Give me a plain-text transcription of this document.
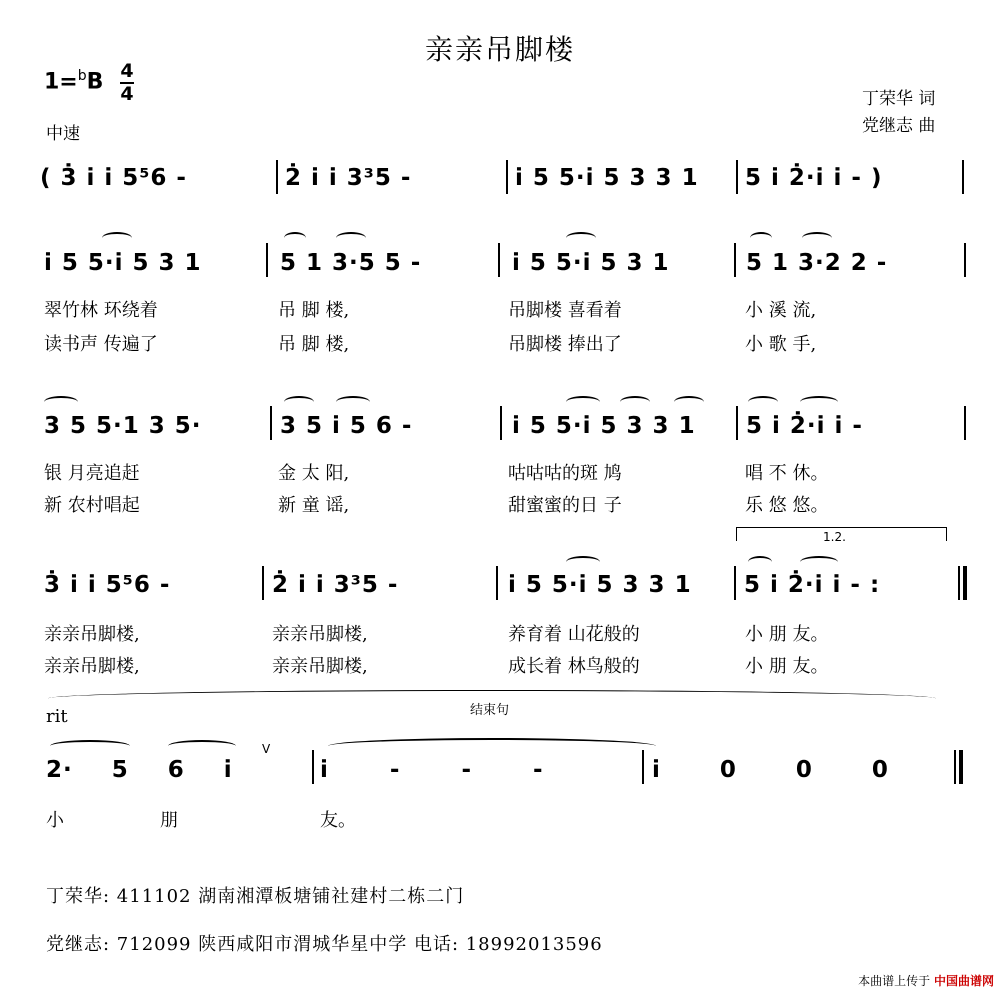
亲亲吊脚楼
1=$^b$B 4
4
中速
丁荣华 词
党继志 曲
( 3̇ i̇ i̇ 5⁵6 -	2̇ i̇ i̇ 3³5 -	i̇ 5 5·i̇ 5 3 3 1 5 i̇ 2̇·i̇ i̇ - )
i̇ 5 5·i̇ 5 3 1	5 1 3·5 5 -	i̇ 5 5·i̇ 5 3 1	5 1 3·2 2 -
翠竹林 环绕着	吊 脚 楼,	吊脚楼 喜看着	小 溪 流,
读书声 传遍了	吊 脚 楼,	吊脚楼 捧出了	小 歌 手,
3 5 5·1 3 5·	3 5 i̇ 5 6 -	i̇ 5 5·i̇ 5 3 3 1 5 i̇ 2̇·i̇ i̇ -
银 月亮追赶	金 太 阳,	咕咕咕的斑 鸠	唱 不 休。
新 农村唱起	新 童 谣,	甜蜜蜜的日 子	乐 悠 悠。
1.2.
3̇ i̇ i̇ 5⁵6 -	2̇ i̇ i̇ 3³5 -	i̇ 5 5·i̇ 5 3 3 1 5 i̇ 2̇·i̇ i̇ - :
亲亲吊脚楼,	亲亲吊脚楼,	养育着 山花般的	小 朋 友。
亲亲吊脚楼,	亲亲吊脚楼,	成长着 林鸟般的	小 朋 友。
rit	结束句
2· 5 6 i̇
V
i̇ - - -	i̇ 0 0 0
小	朋	友。
丁荣华: 411102 湖南湘潭板塘铺社建村二栋二门
党继志: 712099 陕西咸阳市渭城华星中学 电话: 18992013596
本曲谱上传于 中国曲谱网
